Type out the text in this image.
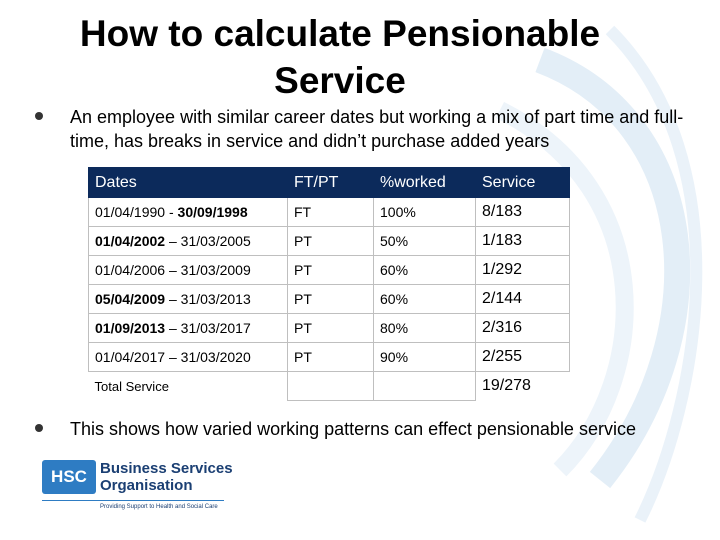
How to calculate Pensionable Service
An employee with similar career dates but working a mix of part time and full-time, has breaks in service and didn’t purchase added years
Dates	FT/PT	%worked	Service
01/04/1990 - 30/09/1998	FT	100%	8/183
01/04/2002 – 31/03/2005	PT	50%	1/183
01/04/2006 – 31/03/2009	PT	60%	1/292
05/04/2009 – 31/03/2013	PT	60%	2/144
01/09/2013 – 31/03/2017	PT	80%	2/316
01/04/2017 – 31/03/2020	PT	90%	2/255
Total Service			19/278
This shows how varied working patterns can effect pensionable service
HSC Business Services
Organisation
Providing Support to Health and Social Care
